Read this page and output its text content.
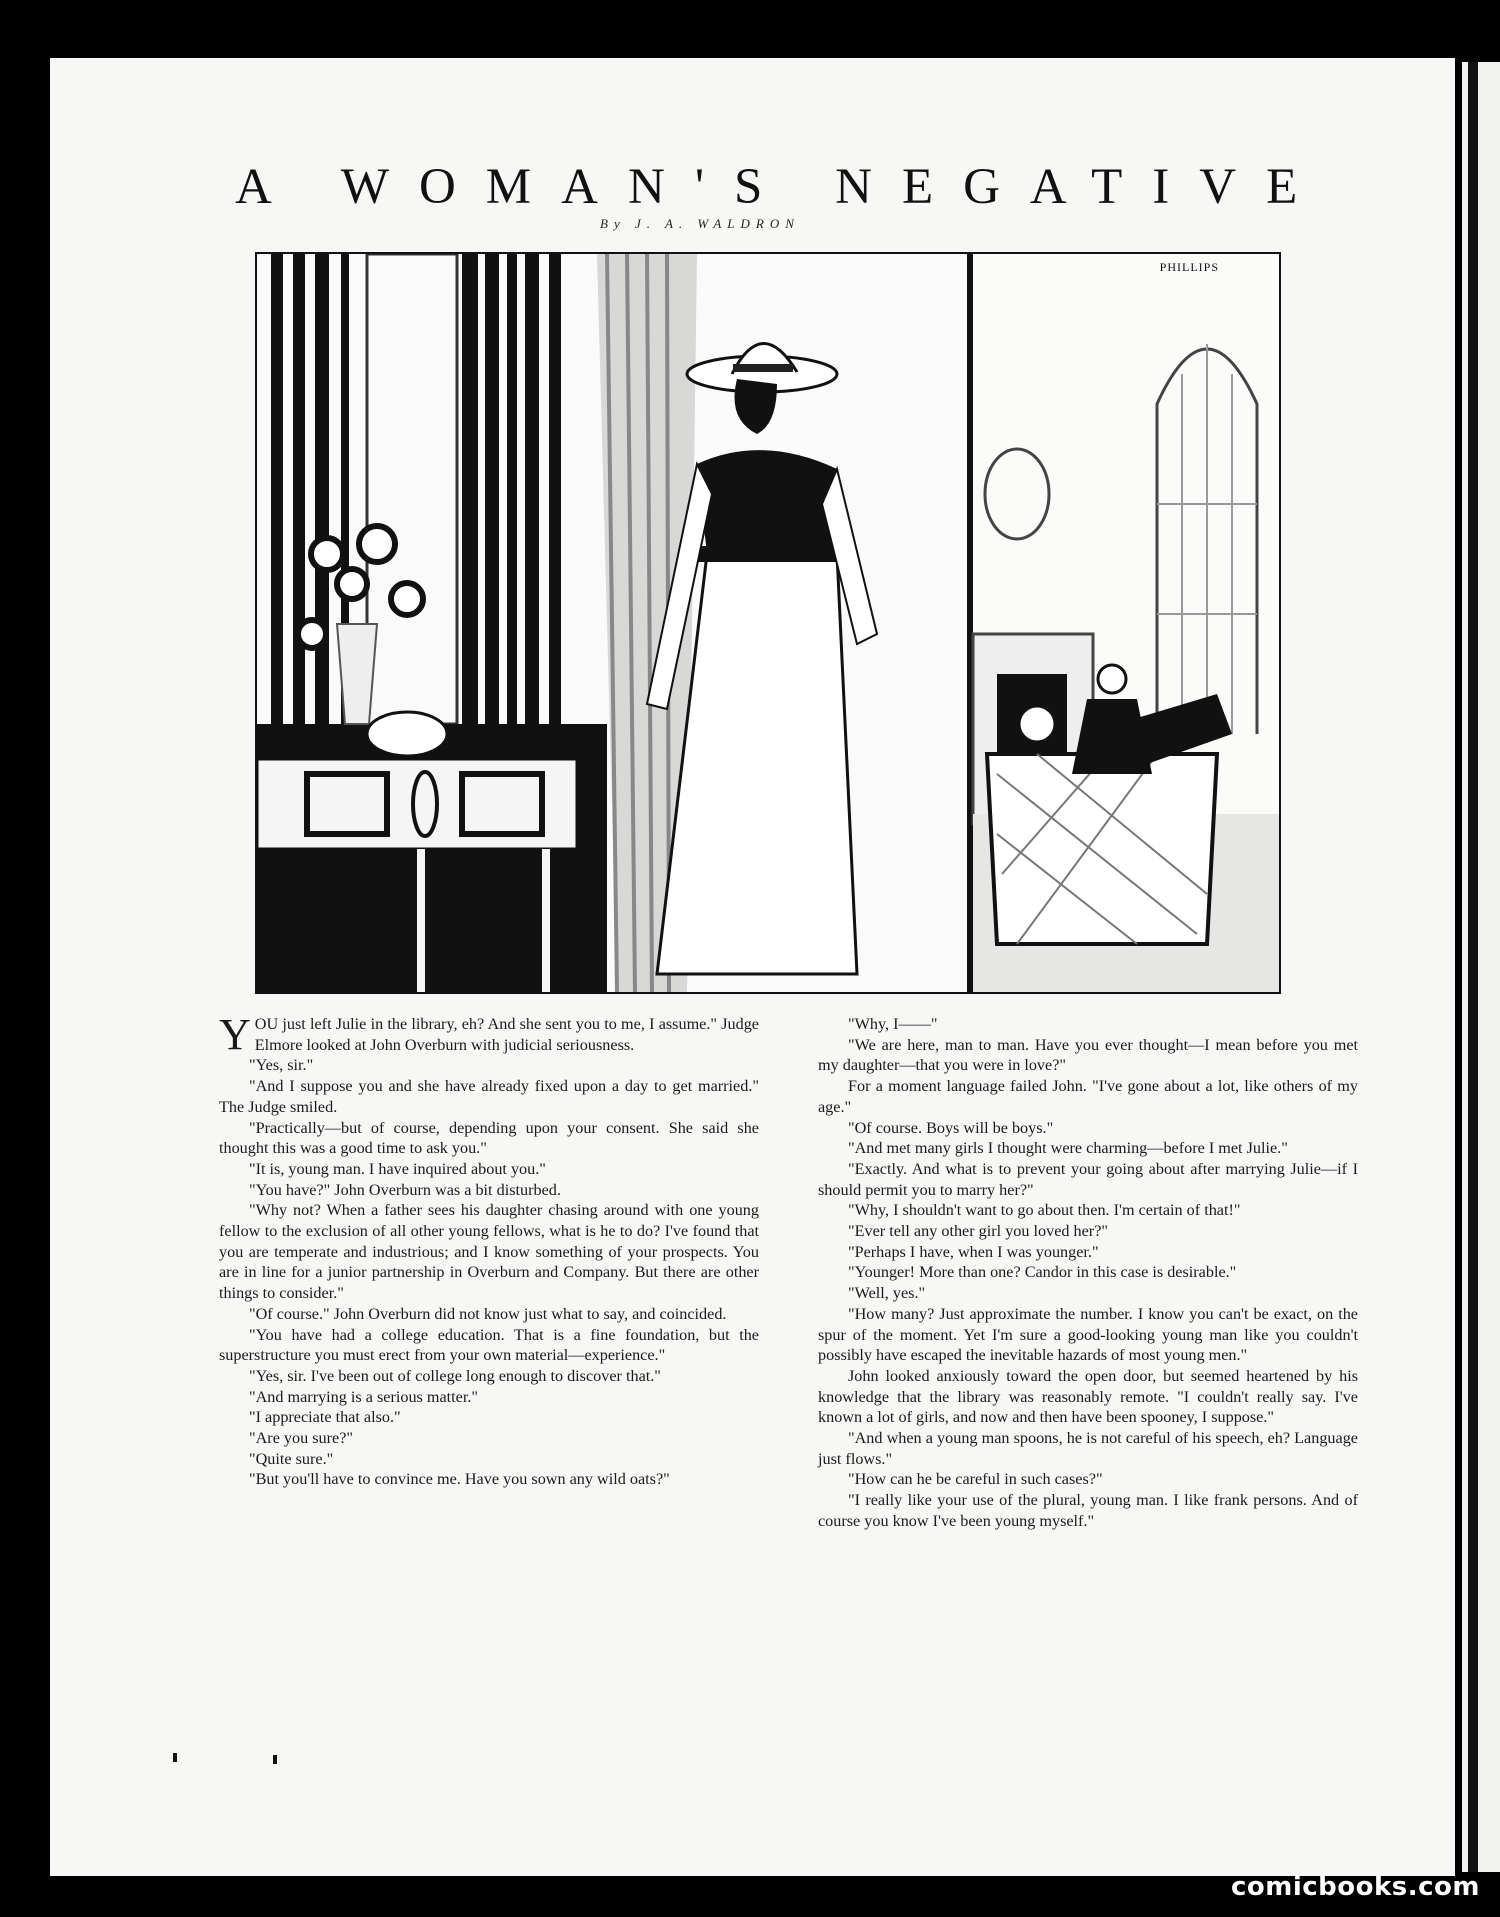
A WOMAN'S NEGATIVE
By J. A. WALDRON
PHILLIPS

YOU just left Julie in the library, eh? And she sent you to me, I assume." Judge Elmore looked at John Overburn with judicial seriousness.

"Yes, sir."

"And I suppose you and she have already fixed upon a day to get married." The Judge smiled.

"Practically—but of course, depending upon your consent. She said she thought this was a good time to ask you."

"It is, young man. I have inquired about you."

"You have?" John Overburn was a bit disturbed.

"Why not? When a father sees his daughter chasing around with one young fellow to the exclusion of all other young fellows, what is he to do? I've found that you are temperate and industrious; and I know something of your prospects. You are in line for a junior partnership in Overburn and Company. But there are other things to consider."

"Of course." John Overburn did not know just what to say, and coincided.

"You have had a college education. That is a fine foundation, but the superstructure you must erect from your own material—experience."

"Yes, sir. I've been out of college long enough to discover that."

"And marrying is a serious matter."

"I appreciate that also."

"Are you sure?"

"Quite sure."

"But you'll have to convince me. Have you sown any wild oats?"

"Why, I——"

"We are here, man to man. Have you ever thought—I mean before you met my daughter—that you were in love?"

For a moment language failed John. "I've gone about a lot, like others of my age."

"Of course. Boys will be boys."

"And met many girls I thought were charming—before I met Julie."

"Exactly. And what is to prevent your going about after marrying Julie—if I should permit you to marry her?"

"Why, I shouldn't want to go about then. I'm certain of that!"

"Ever tell any other girl you loved her?"

"Perhaps I have, when I was younger."

"Younger! More than one? Candor in this case is desirable."

"Well, yes."

"How many? Just approximate the number. I know you can't be exact, on the spur of the moment. Yet I'm sure a good-looking young man like you couldn't possibly have escaped the inevitable hazards of most young men."

John looked anxiously toward the open door, but seemed heartened by his knowledge that the library was reasonably remote. "I couldn't really say. I've known a lot of girls, and now and then have been spooney, I suppose."

"And when a young man spoons, he is not careful of his speech, eh? Language just flows."

"How can he be careful in such cases?"

"I really like your use of the plural, young man. I like frank persons. And of course you know I've been young myself."

comicbooks.com
